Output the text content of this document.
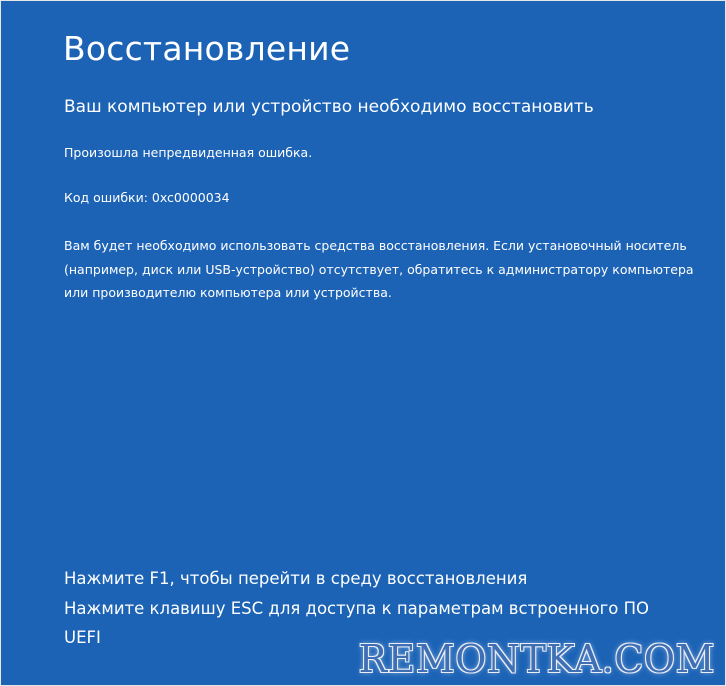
Восстановление
Ваш компьютер или устройство необходимо восстановить
Произошла непредвиденная ошибка.
Код ошибки: 0xc0000034
Вам будет необходимо использовать средства восстановления. Если установочный носитель
(например, диск или USB-устройство) отсутствует, обратитесь к администратору компьютера
или производителю компьютера или устройства.
Нажмите F1, чтобы перейти в среду восстановления
Нажмите клавишу ESC для доступа к параметрам встроенного ПО
UEFI	REMONTKA.COM
